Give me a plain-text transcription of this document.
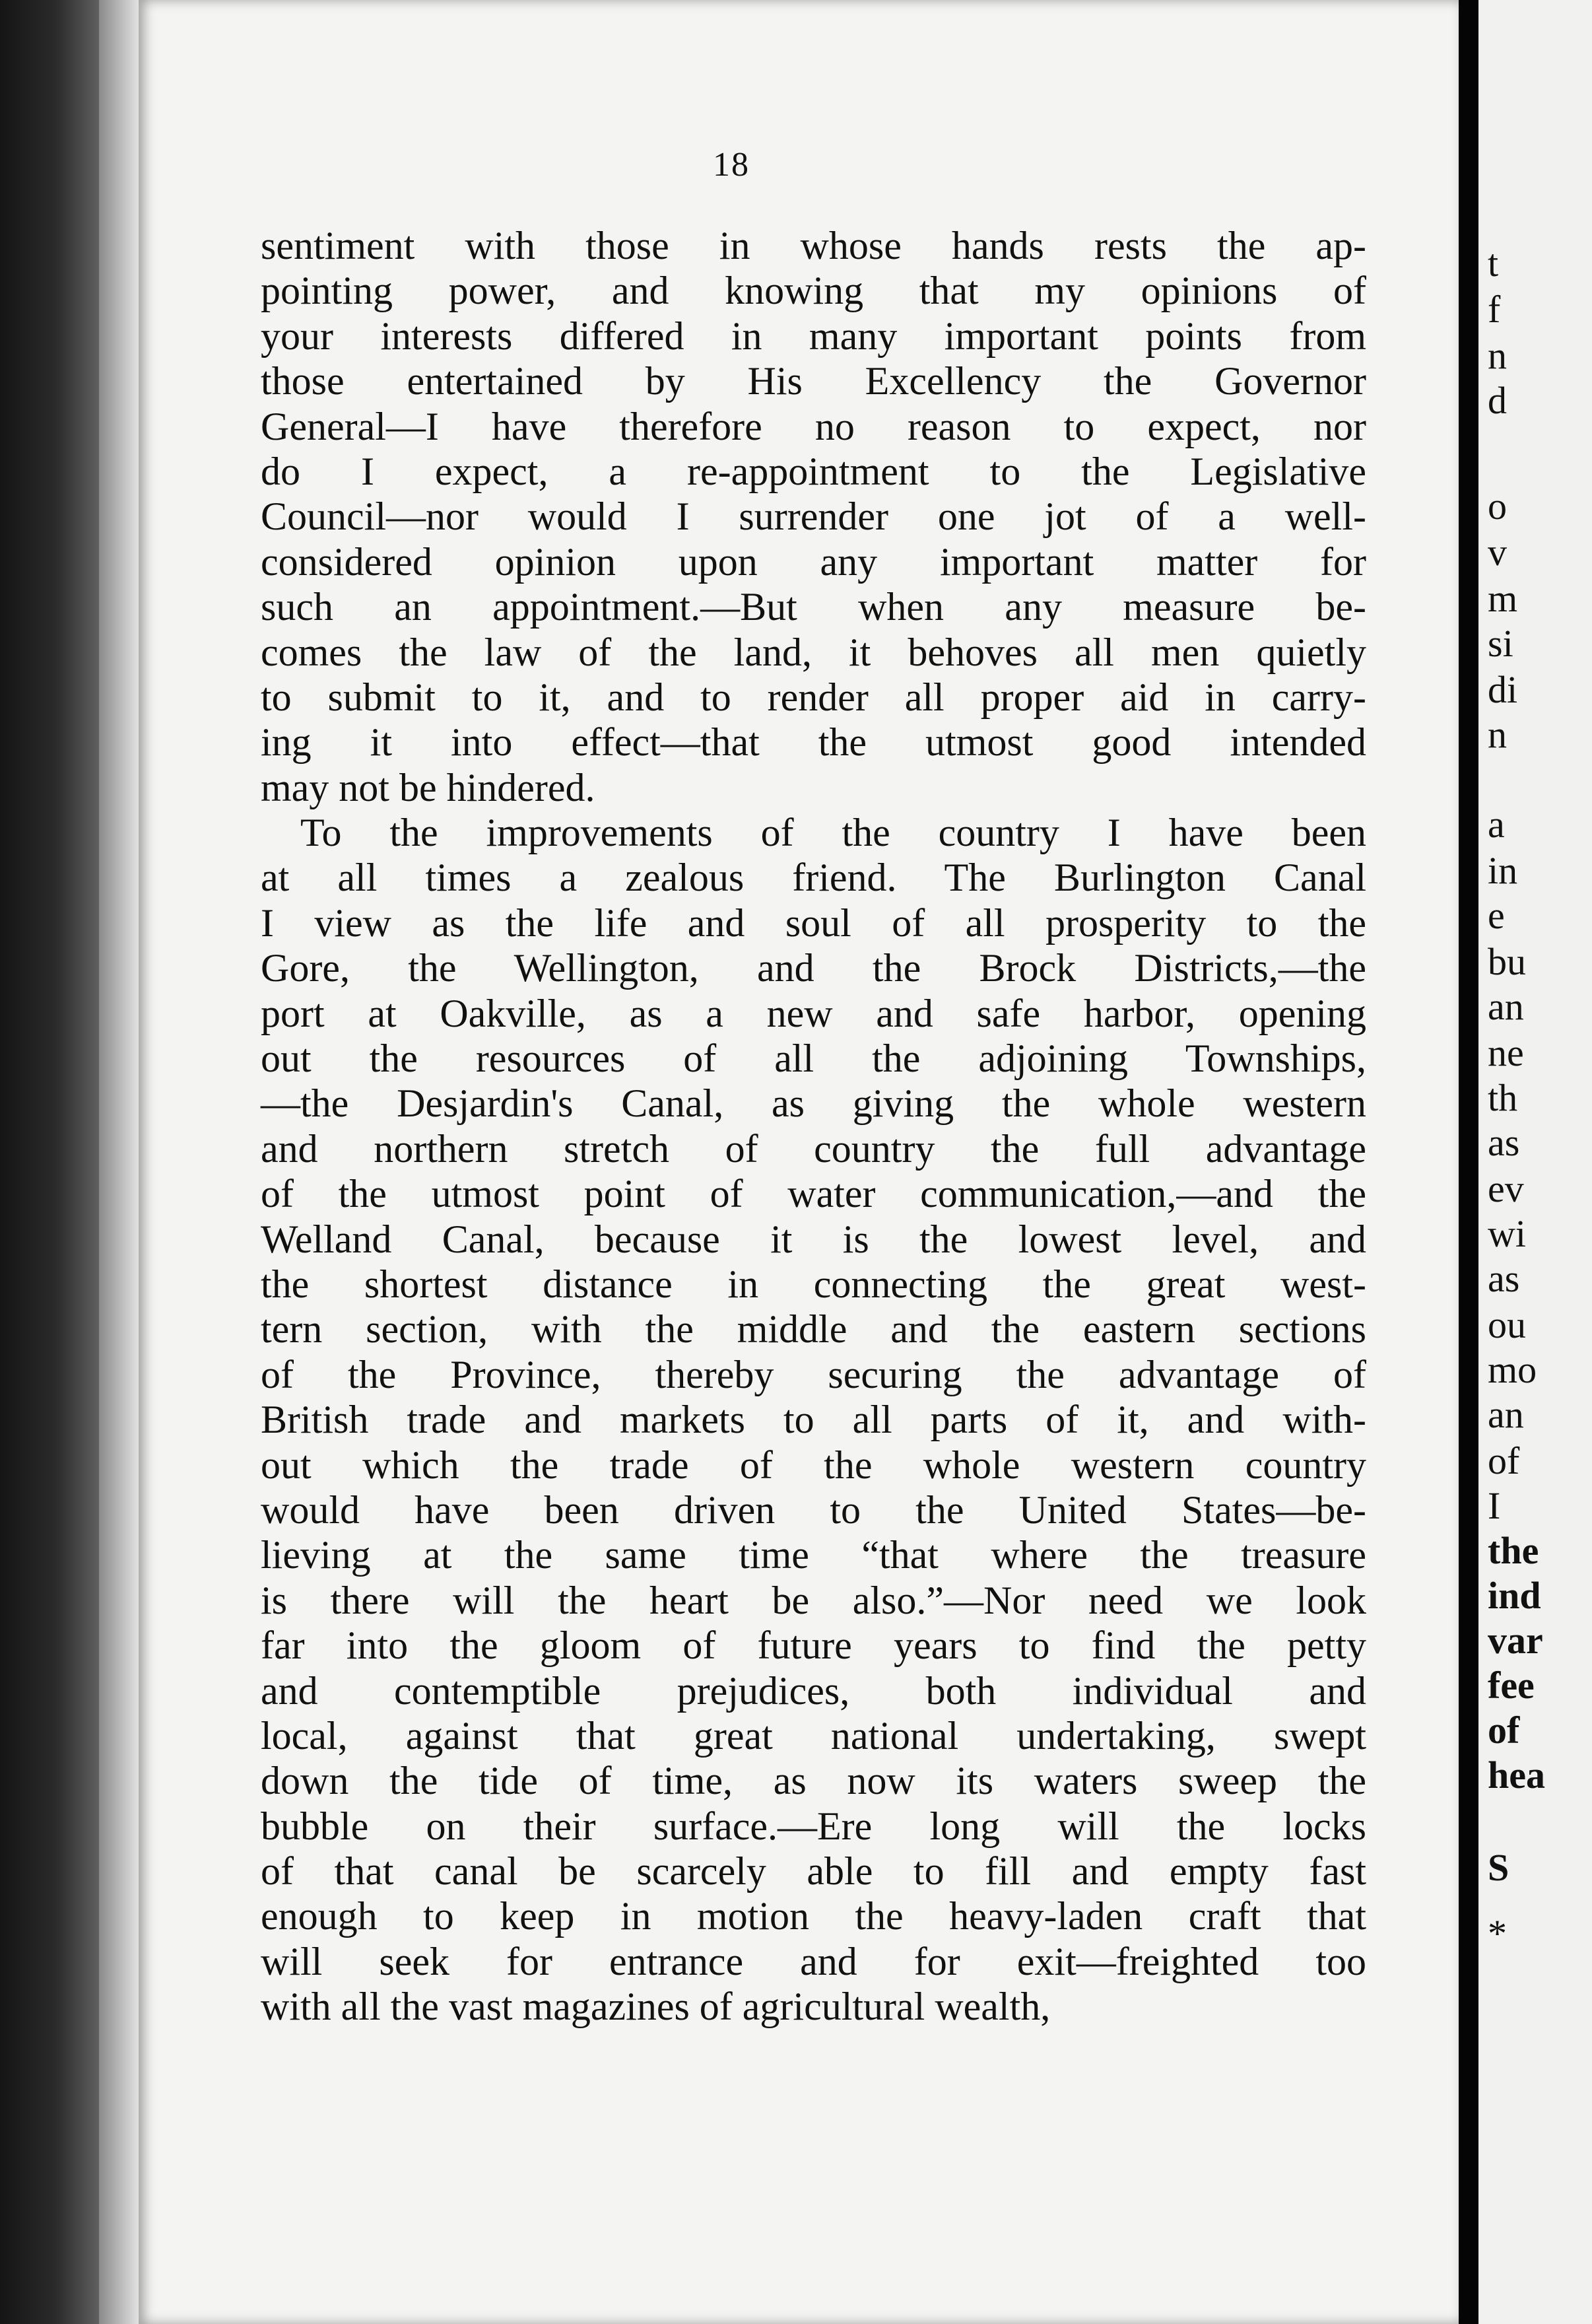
18
sentiment with those in whose hands rests the ap-
pointing power, and knowing that my opinions of
your interests differed in many important points from
those entertained by His Excellency the Governor
General—I have therefore no reason to expect, nor
do I expect, a re-appointment to the Legislative
Council—nor would I surrender one jot of a well-
considered opinion upon any important matter for
such an appointment.—But when any measure be-
comes the law of the land, it behoves all men quietly
to submit to it, and to render all proper aid in carry-
ing it into effect—that the utmost good intended
may not be hindered.
To the improvements of the country I have been
at all times a zealous friend. The Burlington Canal
I view as the life and soul of all prosperity to the
Gore, the Wellington, and the Brock Districts,—the
port at Oakville, as a new and safe harbor, opening
out the resources of all the adjoining Townships,
—the Desjardin's Canal, as giving the whole western
and northern stretch of country the full advantage
of the utmost point of water communication,—and the
Welland Canal, because it is the lowest level, and
the shortest distance in connecting the great west-
tern section, with the middle and the eastern sections
of the Province, thereby securing the advantage of
British trade and markets to all parts of it, and with-
out which the trade of the whole western country
would have been driven to the United States—be-
lieving at the same time “that where the treasure
is there will the heart be also.”—Nor need we look
far into the gloom of future years to find the petty
and contemptible prejudices, both individual and
local, against that great national undertaking, swept
down the tide of time, as now its waters sweep the
bubble on their surface.—Ere long will the locks
of that canal be scarcely able to fill and empty fast
enough to keep in motion the heavy-laden craft that
will seek for entrance and for exit—freighted too
with all the vast magazines of agricultural wealth,
t
f
n
d
o
v
m
si
di
n
a
in
e
bu
an
ne
th
as
ev
wi
as
ou
mo
an
of
I
the
ind
var
fee
of
hea
S
*
